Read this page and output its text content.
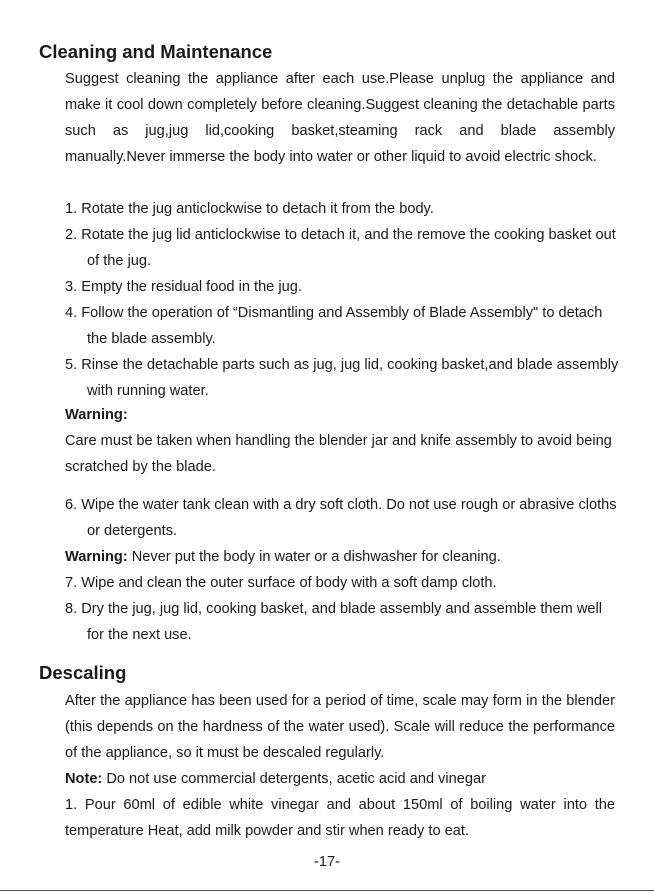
Cleaning and Maintenance

Suggest cleaning the appliance after each use.Please unplug the appliance and make it cool down completely before cleaning.Suggest cleaning the detachable parts such as jug,jug lid,cooking basket,steaming rack and blade assembly manually.Never immerse the body into water or other liquid to avoid electric shock.

1. Rotate the jug anticlockwise to detach it from the body.

2. Rotate the jug lid anticlockwise to detach it, and the remove the cooking basket out of the jug.

3. Empty the residual food in the jug.

4. Follow the operation of “Dismantling and Assembly of Blade Assembly" to detach the blade assembly.

5. Rinse the detachable parts such as jug, jug lid, cooking basket,and blade assembly with running water.

Warning:

Care must be taken when handling the blender jar and knife assembly to avoid being scratched by the blade.

6. Wipe the water tank clean with a dry soft cloth. Do not use rough or abrasive cloths or detergents.

Warning: Never put the body in water or a dishwasher for cleaning.

7. Wipe and clean the outer surface of body with a soft damp cloth.

8. Dry the jug, jug lid, cooking basket, and blade assembly and assemble them well for the next use.

Descaling

After the appliance has been used for a period of time, scale may form in the blender (this depends on the hardness of the water used). Scale will reduce the performance of the appliance, so it must be descaled regularly.

Note: Do not use commercial detergents, acetic acid and vinegar

1. Pour 60ml of edible white vinegar and about 150ml of boiling water into the temperature Heat, add milk powder and stir when ready to eat.

-17-
